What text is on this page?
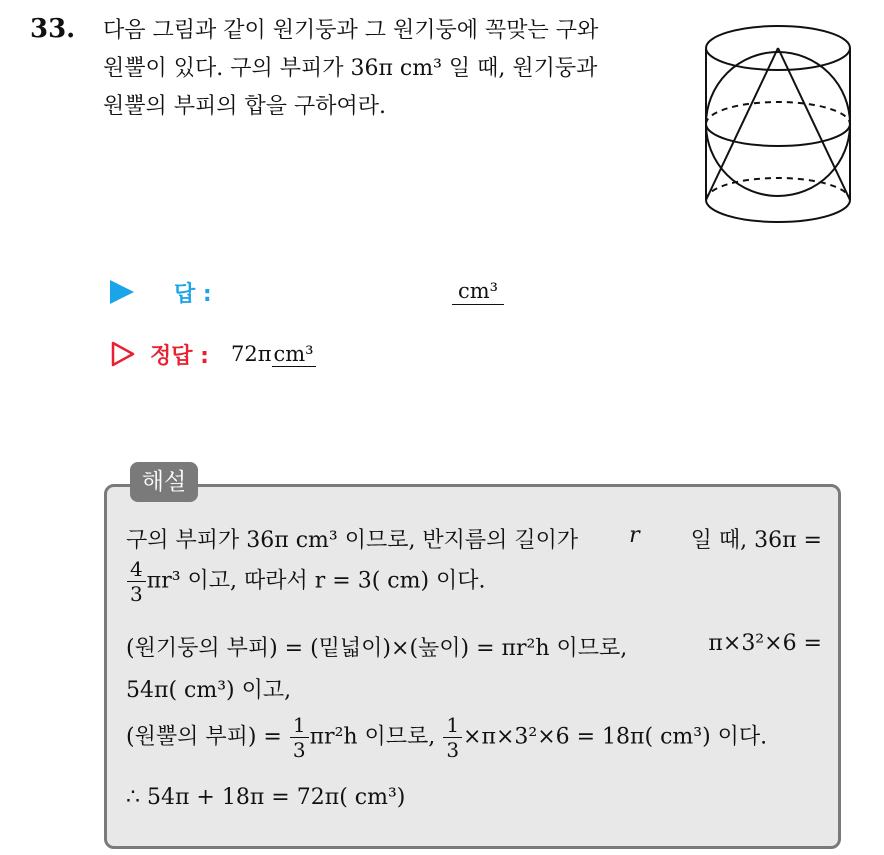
33. 다음 그림과 같이 원기둥과 그 원기둥에 꼭맞는 구와
원뿔이 있다. 구의 부피가 36π cm³ 일 때, 원기둥과
원뿔의 부피의 합을 구하여라.
답 :	cm³
정답 : 72πcm³
해설
구의 부피가 36π cm³ 이므로, 반지름의 길이가 r 일 때, 36π =
$\frac{4}{3} \pi r^3$ 이고, 따라서 r = 3( cm) 이다.
(원기둥의 부피) = (밑넓이)×(높이) = πr²h 이므로,	π×3²×6 =
54π( cm³) 이고,
(원뿔의 부피) = $\frac{1}{3} \pi r^2h$ 이므로, $\frac{1}{3} \times\pi\times 3^2\times 6 = 18\pi$( cm³) 이다.
∴ 54π + 18π = 72π( cm³)
